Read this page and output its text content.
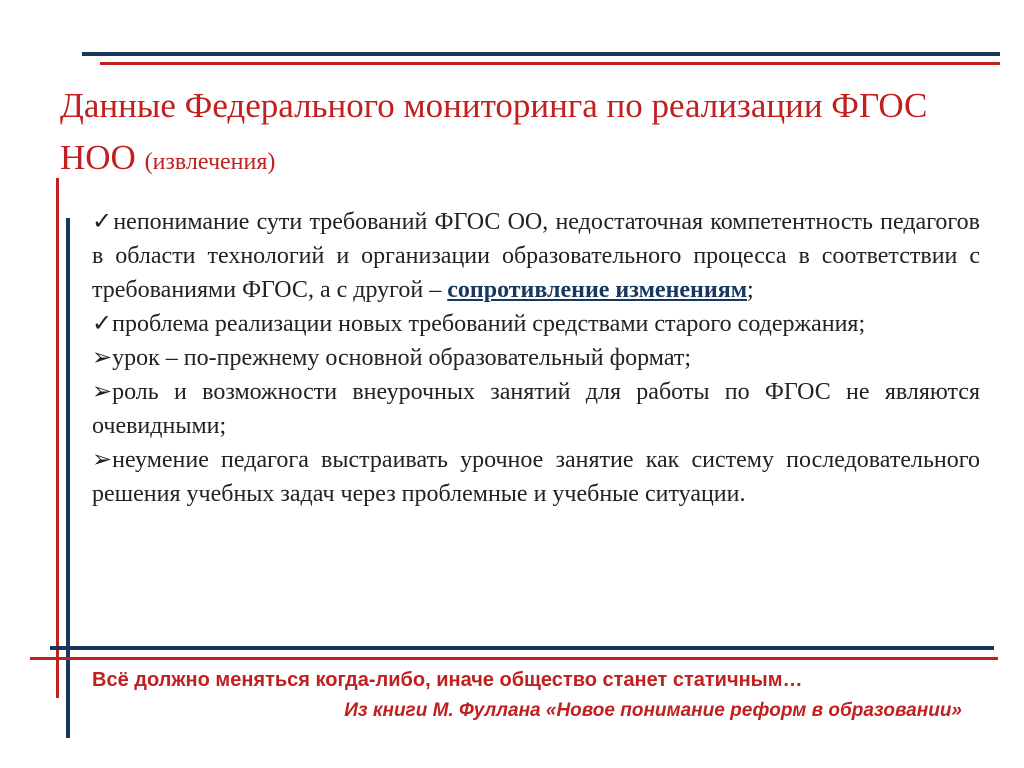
Данные Федерального мониторинга по реализации ФГОС НОО (извлечения)

✓непонимание сути требований ФГОС ОО, недостаточная компетентность педагогов в области технологий и организации образовательного процесса в соответствии с требованиями ФГОС, а с другой – сопротивление изменениям;

✓проблема реализации новых требований средствами старого содержания;

➢урок – по-прежнему основной образовательный формат;

➢роль и возможности внеурочных занятий для работы по ФГОС не являются очевидными;

➢неумение педагога выстраивать урочное занятие как систему последовательного решения учебных задач через проблемные и учебные ситуации.

Всё должно меняться когда-либо, иначе общество станет статичным…
Из книги М. Фуллана «Новое понимание реформ в образовании»
